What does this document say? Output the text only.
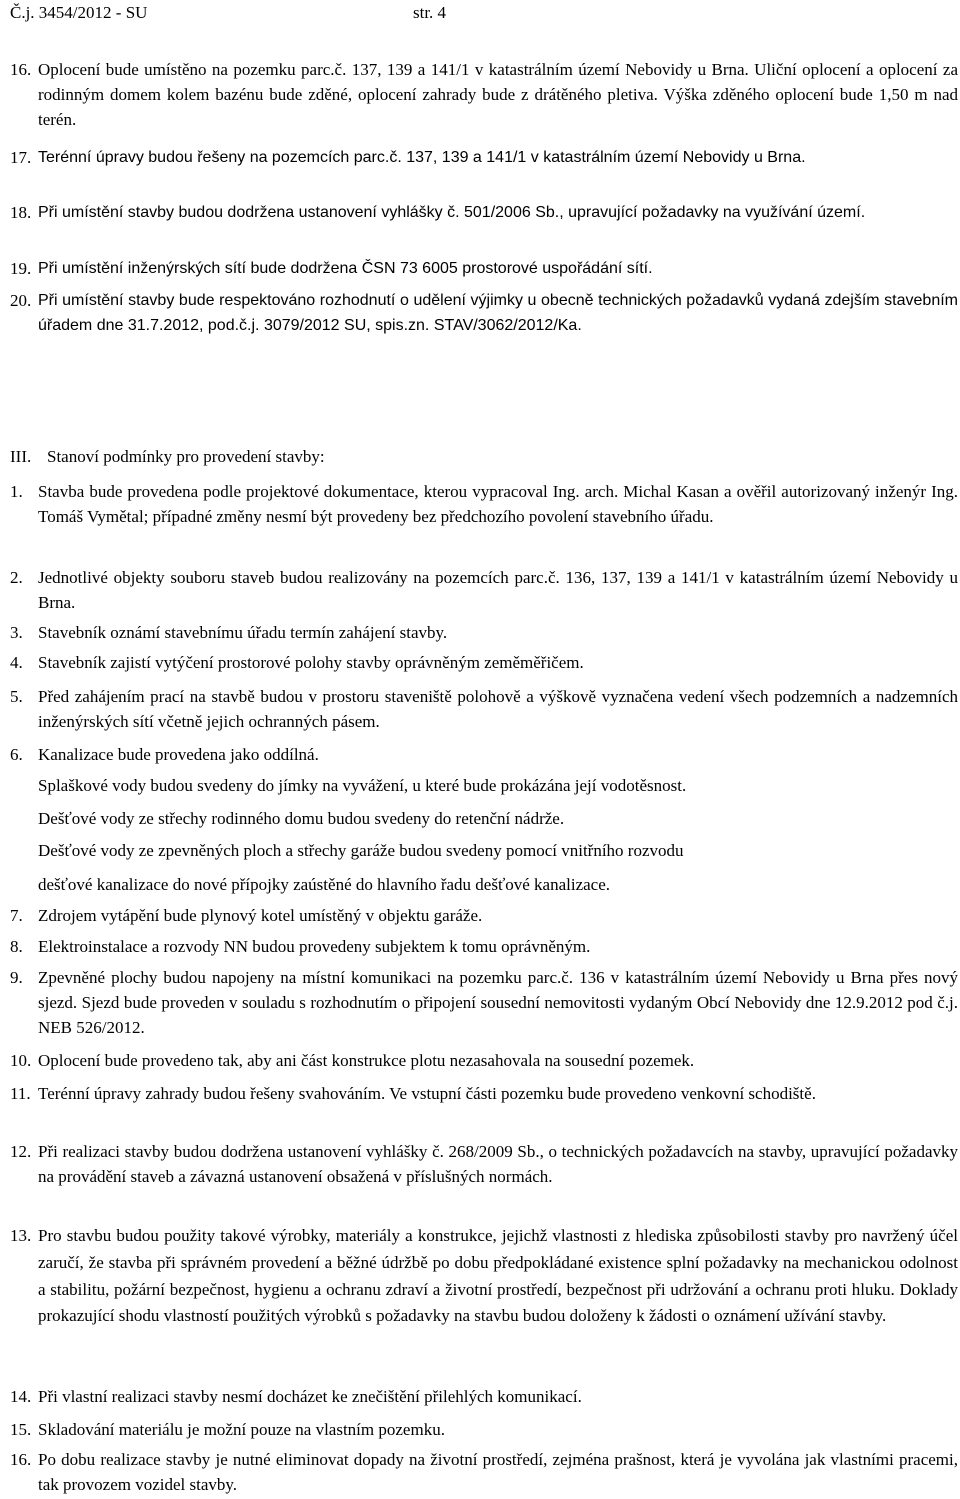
Č.j. 3454/2012 - SU	str. 4
16. Oplocení bude umístěno na pozemku parc.č. 137, 139 a 141/1 v katastrálním území Nebovidy u Brna. Uliční oplocení a oplocení za rodinným domem kolem bazénu bude zděné, oplocení zahrady bude z drátěného pletiva. Výška zděného oplocení bude 1,50 m nad terén.
17. Terénní úpravy budou řešeny na pozemcích parc.č. 137, 139 a 141/1 v katastrálním území Nebovidy u Brna.
18. Při umístění stavby budou dodržena ustanovení vyhlášky č. 501/2006 Sb., upravující požadavky na využívání území.
19. Při umístění inženýrských sítí bude dodržena ČSN 73 6005 prostorové uspořádání sítí.
20. Při umístění stavby bude respektováno rozhodnutí o udělení výjimky u obecně technických požadavků vydaná zdejším stavebním úřadem dne 31.7.2012, pod.č.j. 3079/2012 SU, spis.zn. STAV/3062/2012/Ka.
III. Stanoví podmínky pro provedení stavby:
1. Stavba bude provedena podle projektové dokumentace, kterou vypracoval Ing. arch. Michal Kasan a ověřil autorizovaný inženýr Ing. Tomáš Vymětal; případné změny nesmí být provedeny bez předchozího povolení stavebního úřadu.
2. Jednotlivé objekty souboru staveb budou realizovány na pozemcích parc.č. 136, 137, 139 a 141/1 v katastrálním území Nebovidy u Brna.
3. Stavebník oznámí stavebnímu úřadu termín zahájení stavby.
4. Stavebník zajistí vytýčení prostorové polohy stavby oprávněným zeměměřičem.
5. Před zahájením prací na stavbě budou v prostoru staveniště polohově a výškově vyznačena vedení všech podzemních a nadzemních inženýrských sítí včetně jejich ochranných pásem.
6. Kanalizace bude provedena jako oddílná.
Splaškové vody budou svedeny do jímky na vyvážení, u které bude prokázána její vodotěsnost.
Dešťové vody ze střechy rodinného domu budou svedeny do retenční nádrže.
Dešťové vody ze zpevněných ploch a střechy garáže budou svedeny pomocí vnitřního rozvodu
dešťové kanalizace do nové přípojky zaústěné do hlavního řadu dešťové kanalizace.
7. Zdrojem vytápění bude plynový kotel umístěný v objektu garáže.
8. Elektroinstalace a rozvody NN budou provedeny subjektem k tomu oprávněným.
9. Zpevněné plochy budou napojeny na místní komunikaci na pozemku parc.č. 136 v katastrálním území Nebovidy u Brna přes nový sjezd. Sjezd bude proveden v souladu s rozhodnutím o připojení sousední nemovitosti vydaným Obcí Nebovidy dne 12.9.2012 pod č.j. NEB 526/2012.
10. Oplocení bude provedeno tak, aby ani část konstrukce plotu nezasahovala na sousední pozemek.
11. Terénní úpravy zahrady budou řešeny svahováním. Ve vstupní části pozemku bude provedeno venkovní schodiště.
12. Při realizaci stavby budou dodržena ustanovení vyhlášky č. 268/2009 Sb., o technických požadavcích na stavby, upravující požadavky na provádění staveb a závazná ustanovení obsažená v příslušných normách.
13. Pro stavbu budou použity takové výrobky, materiály a konstrukce, jejichž vlastnosti z hlediska způsobilosti stavby pro navržený účel zaručí, že stavba při správném provedení a běžné údržbě po dobu předpokládané existence splní požadavky na mechanickou odolnost a stabilitu, požární bezpečnost, hygienu a ochranu zdraví a životní prostředí, bezpečnost při udržování a ochranu proti hluku. Doklady prokazující shodu vlastností použitých výrobků s požadavky na stavbu budou doloženy k žádosti o oznámení užívání stavby.
14. Při vlastní realizaci stavby nesmí docházet ke znečištění přilehlých komunikací.
15. Skladování materiálu je možní pouze na vlastním pozemku.
16. Po dobu realizace stavby je nutné eliminovat dopady na životní prostředí, zejména prašnost, která je vyvolána jak vlastními pracemi, tak provozem vozidel stavby.
